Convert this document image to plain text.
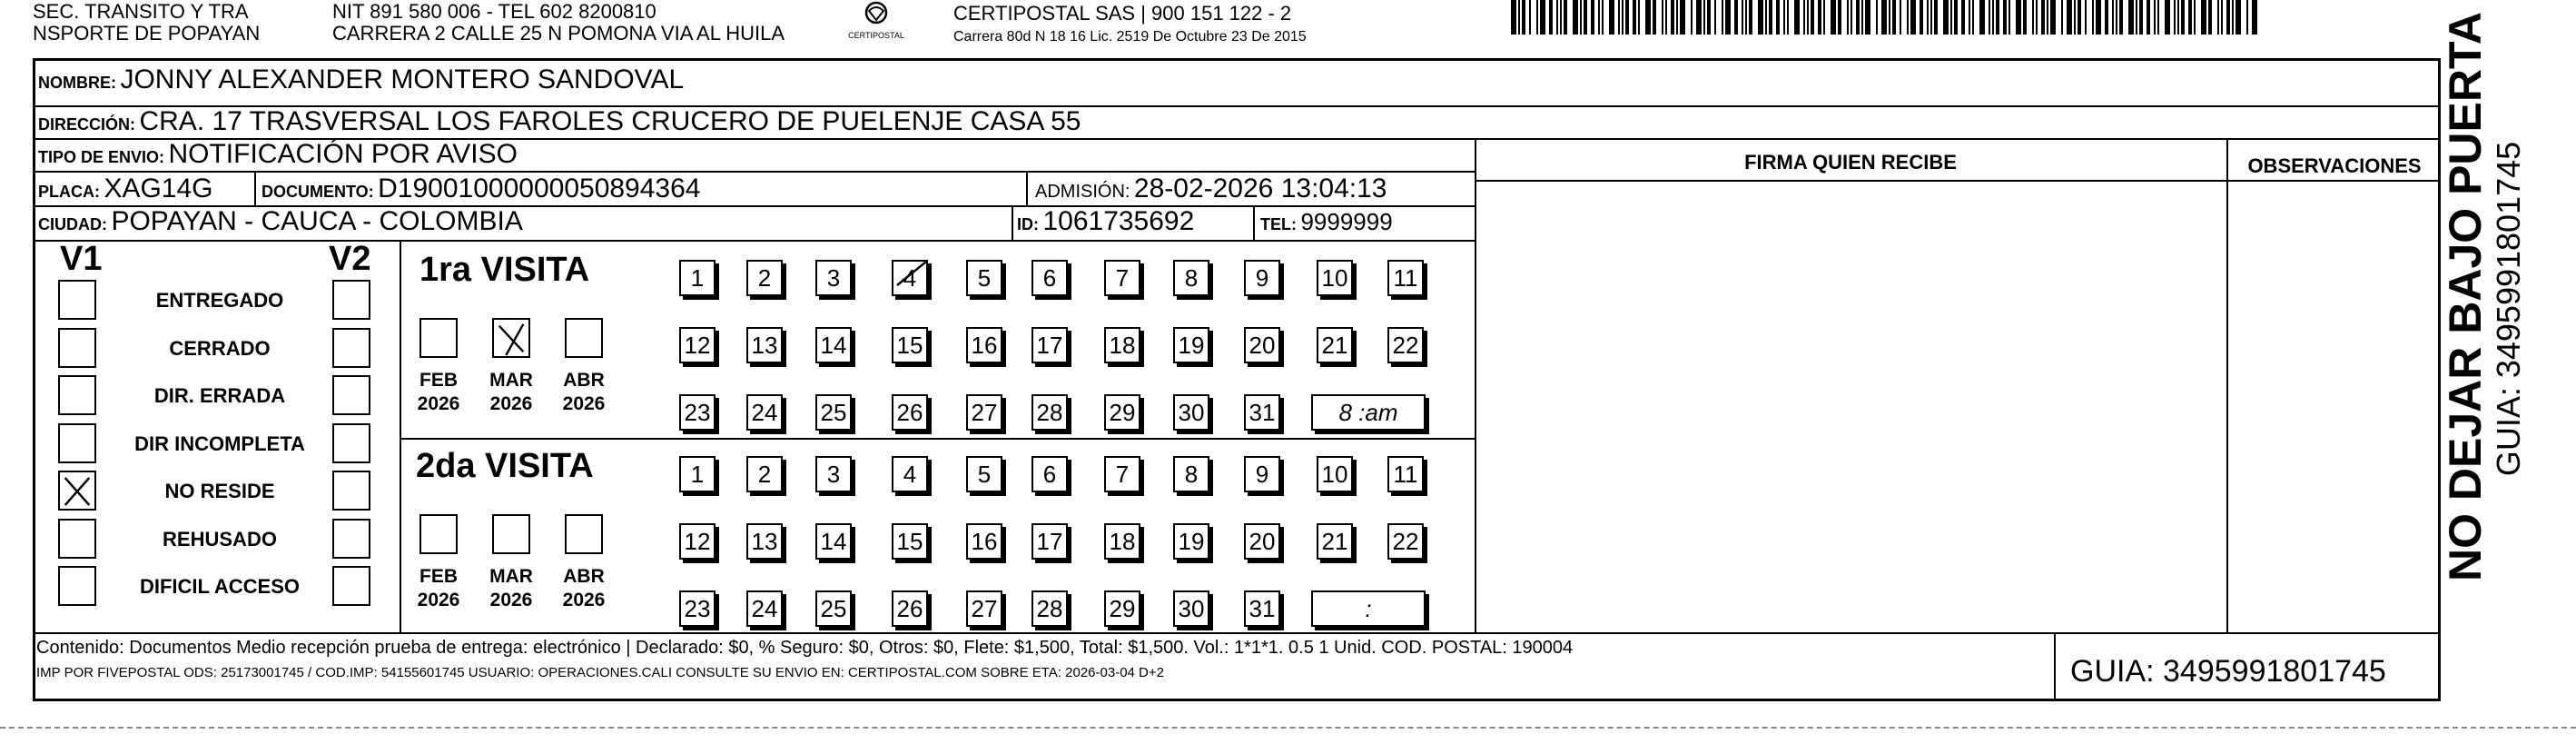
SEC. TRANSITO Y TRA
NSPORTE DE POPAYAN
NIT 891 580 006 - TEL 602 8200810
CARRERA 2 CALLE 25 N POMONA VIA AL HUILA	CERTIPOSTAL
CERTIPOSTAL SAS | 900 151 122 - 2
Carrera 80d N 18 16 Lic. 2519 De Octubre 23 De 2015
NOMBRE: JONNY ALEXANDER MONTERO SANDOVAL
DIRECCIÓN: CRA. 17 TRASVERSAL LOS FAROLES CRUCERO DE PUELENJE CASA 55
TIPO DE ENVIO: NOTIFICACIÓN POR AVISO
PLACA: XAG14G	DOCUMENTO: D19001000000050894364	ADMISIÓN: 28-02-2026 13:04:13
CIUDAD: POPAYAN - CAUCA - COLOMBIA	ID: 1061735692	TEL: 9999999
FIRMA QUIEN RECIBE	OBSERVACIONES
V1	V2
ENTREGADO
CERRADO
DIR. ERRADA
DIR INCOMPLETA
NO RESIDE
REHUSADO
DIFICIL ACCESO
1ra VISITA
2da VISITA
FEB
2026
MAR
2026
ABR
2026
FEB
2026
MAR
2026
ABR
2026
1	2	3	4	5	6	7	8	9	10 11
12 13 14 15 16 17 18 19 20 21 22
23 24 25 26 27 28 29 30 31	8 :am
1	2	3	4	5	6	7	8	9	10 11
12 13 14 15 16 17 18 19 20 21 22
23 24 25 26 27 28 29 30 31	:
Contenido: Documentos Medio recepción prueba de entrega: electrónico | Declarado: $0, % Seguro: $0, Otros: $0, Flete: $1,500, Total: $1,500. Vol.: 1*1*1. 0.5 1 Unid. COD. POSTAL: 190004
IMP POR FIVEPOSTAL ODS: 25173001745 / COD.IMP: 54155601745 USUARIO: OPERACIONES.CALI CONSULTE SU ENVIO EN: CERTIPOSTAL.COM SOBRE ETA: 2026-03-04 D+2	GUIA: 3495991801745
NO DEJAR BAJO PUERTA GUIA: 3495991801745
